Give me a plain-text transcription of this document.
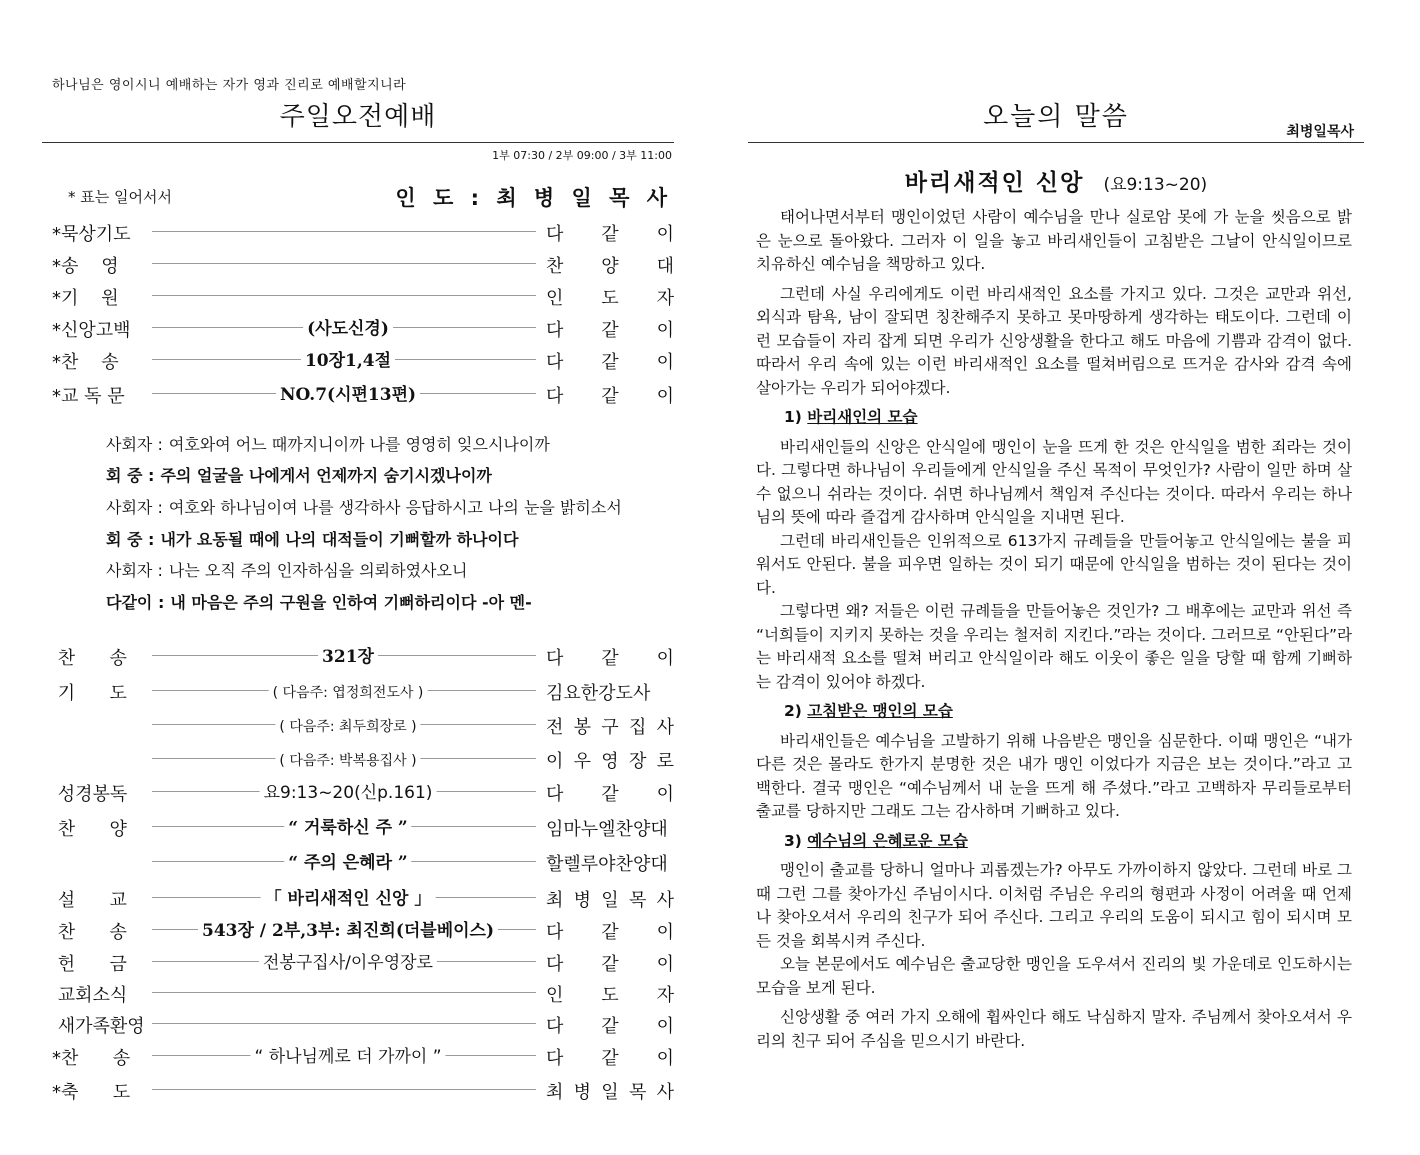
하나님은 영이시니 예배하는 자가 영과 진리로 예배할지니라
주일오전예배
1부 07:30 / 2부 09:00 / 3부 11:00
* 표는 일어서서	인 도 : 최 병 일 목 사
*묵상기도	다 같 이
*송    영	찬 양 대
*기    원	인 도 자
*신앙고백	(사도신경)	다 같 이
*찬    송	10장1,4절	다 같 이
*교 독 문	NO.7(시편13편)	다 같 이
사회자 : 여호와여 어느 때까지니이까 나를 영영히 잊으시나이까
회 중 : 주의 얼굴을 나에게서 언제까지 숨기시겠나이까
사회자 : 여호와 하나님이여 나를 생각하사 응답하시고 나의 눈을 밝히소서
회 중 : 내가 요동될 때에 나의 대적들이 기뻐할까 하나이다
사회자 : 나는 오직 주의 인자하심을 의뢰하였사오니
다같이 : 내 마음은 주의 구원을 인하여 기뻐하리이다 -아 멘-
찬      송	321장	다 같 이
기      도	( 다음주: 엽정희전도사 )	김요한강도사
( 다음주: 최두희장로 )	전 봉 구 집 사
( 다음주: 박복용집사 )	이 우 영 장 로
성경봉독	요9:13~20(신p.161)	다 같 이
찬      양	“ 거룩하신 주 ”	임마누엘찬양대
“ 주의 은혜라 ”	할렐루야찬양대
설      교	「 바리새적인 신앙 」	최 병 일 목 사
찬      송	543장 / 2부,3부: 최진희(더블베이스)	다 같 이
헌      금	전봉구집사/이우영장로	다 같 이
교회소식	인 도 자
새가족환영	다 같 이
*찬      송	“ 하나님께로 더 가까이 ”	다 같 이
*축      도	최 병 일 목 사
오늘의 말씀	최병일목사
바리새적인 신앙 (요9:13~20)

태어나면서부터 맹인이었던 사람이 예수님을 만나 실로암 못에 가 눈을 씻음으로 밝은 눈으로 돌아왔다. 그러자 이 일을 놓고 바리새인들이 고침받은 그날이 안식일이므로 치유하신 예수님을 책망하고 있다.

그런데 사실 우리에게도 이런 바리새적인 요소를 가지고 있다. 그것은 교만과 위선, 외식과 탐욕, 남이 잘되면 칭찬해주지 못하고 못마땅하게 생각하는 태도이다. 그런데 이런 모습들이 자리 잡게 되면 우리가 신앙생활을 한다고 해도 마음에 기쁨과 감격이 없다. 따라서 우리 속에 있는 이런 바리새적인 요소를 떨쳐버림으로 뜨거운 감사와 감격 속에 살아가는 우리가 되어야겠다.

1) 바리새인의 모습

바리새인들의 신앙은 안식일에 맹인이 눈을 뜨게 한 것은 안식일을 범한 죄라는 것이다. 그렇다면 하나님이 우리들에게 안식일을 주신 목적이 무엇인가? 사람이 일만 하며 살 수 없으니 쉬라는 것이다. 쉬면 하나님께서 책임져 주신다는 것이다. 따라서 우리는 하나님의 뜻에 따라 즐겁게 감사하며 안식일을 지내면 된다.

그런데 바리새인들은 인위적으로 613가지 규례들을 만들어놓고 안식일에는 불을 피워서도 안된다. 불을 피우면 일하는 것이 되기 때문에 안식일을 범하는 것이 된다는 것이다.

그렇다면 왜? 저들은 이런 규례들을 만들어놓은 것인가? 그 배후에는 교만과 위선 즉 “너희들이 지키지 못하는 것을 우리는 철저히 지킨다.”라는 것이다. 그러므로 “안된다”라는 바리새적 요소를 떨쳐 버리고 안식일이라 해도 이웃이 좋은 일을 당할 때 함께 기뻐하는 감격이 있어야 하겠다.

2) 고침받은 맹인의 모습

바리새인들은 예수님을 고발하기 위해 나음받은 맹인을 심문한다. 이때 맹인은 “내가 다른 것은 몰라도 한가지 분명한 것은 내가 맹인 이었다가 지금은 보는 것이다.”라고 고백한다. 결국 맹인은 “예수님께서 내 눈을 뜨게 해 주셨다.”라고 고백하자 무리들로부터 출교를 당하지만 그래도 그는 감사하며 기뻐하고 있다.

3) 예수님의 은혜로운 모습

맹인이 출교를 당하니 얼마나 괴롭겠는가? 아무도 가까이하지 않았다. 그런데 바로 그때 그런 그를 찾아가신 주님이시다. 이처럼 주님은 우리의 형편과 사정이 어려울 때 언제나 찾아오셔서 우리의 친구가 되어 주신다. 그리고 우리의 도움이 되시고 힘이 되시며 모든 것을 회복시켜 주신다.

오늘 본문에서도 예수님은 출교당한 맹인을 도우셔서 진리의 빛 가운데로 인도하시는 모습을 보게 된다.

신앙생활 중 여러 가지 오해에 휩싸인다 해도 낙심하지 말자. 주님께서 찾아오셔서 우리의 친구 되어 주심을 믿으시기 바란다.
